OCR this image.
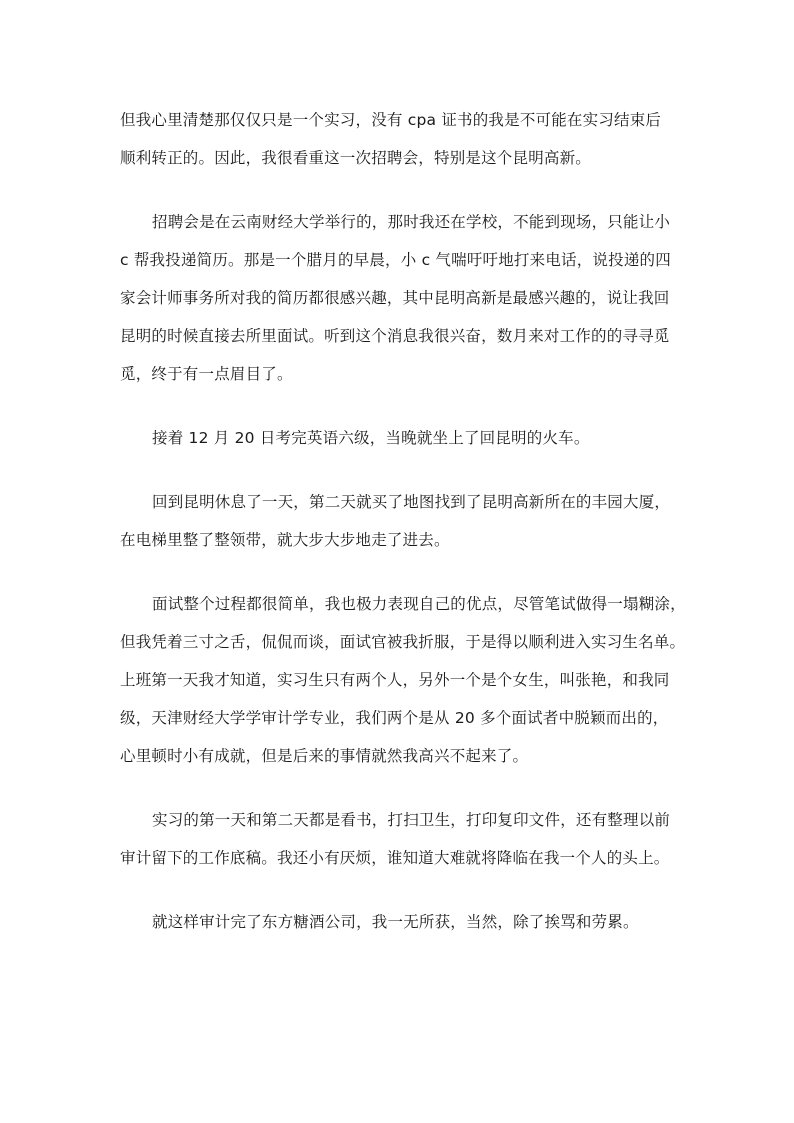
但我心里清楚那仅仅只是一个实习，没有 cpa 证书的我是不可能在实习结束后
顺利转正的。因此，我很看重这一次招聘会，特别是这个昆明高新。

招聘会是在云南财经大学举行的，那时我还在学校，不能到现场，只能让小
c 帮我投递简历。那是一个腊月的早晨，小 c 气喘吁吁地打来电话，说投递的四
家会计师事务所对我的简历都很感兴趣，其中昆明高新是最感兴趣的，说让我回
昆明的时候直接去所里面试。听到这个消息我很兴奋，数月来对工作的的寻寻觅
觅，终于有一点眉目了。

接着 12 月 20 日考完英语六级，当晚就坐上了回昆明的火车。

回到昆明休息了一天，第二天就买了地图找到了昆明高新所在的丰园大厦，
在电梯里整了整领带，就大步大步地走了进去。

面试整个过程都很简单，我也极力表现自己的优点，尽管笔试做得一塌糊涂，
但我凭着三寸之舌，侃侃而谈，面试官被我折服，于是得以顺利进入实习生名单。
上班第一天我才知道，实习生只有两个人，另外一个是个女生，叫张艳，和我同
级，天津财经大学学审计学专业，我们两个是从 20 多个面试者中脱颖而出的，
心里顿时小有成就，但是后来的事情就然我高兴不起来了。

实习的第一天和第二天都是看书，打扫卫生，打印复印文件，还有整理以前
审计留下的工作底稿。我还小有厌烦，谁知道大难就将降临在我一个人的头上。

就这样审计完了东方糖酒公司，我一无所获，当然，除了挨骂和劳累。
